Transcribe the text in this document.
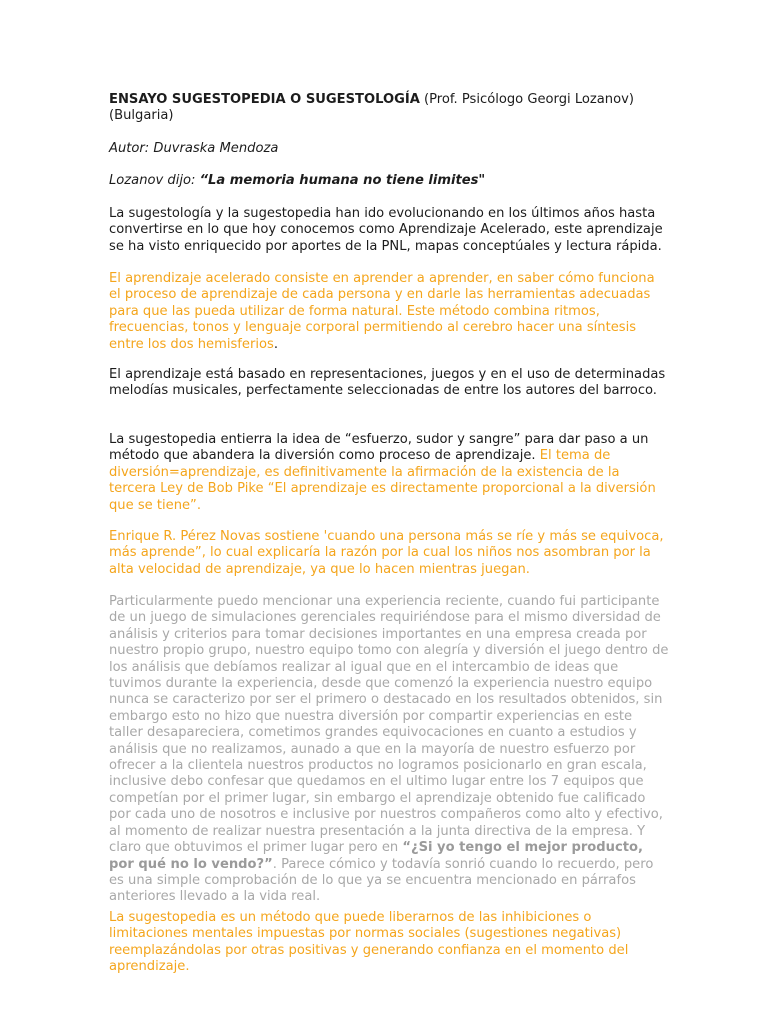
ENSAYO SUGESTOPEDIA O SUGESTOLOGÍA (Prof. Psicólogo Georgi Lozanov) (Bulgaria)

Autor: Duvraska Mendoza

Lozanov dijo: “La memoria humana no tiene limites"

La sugestología y la sugestopedia han ido evolucionando en los últimos años hasta convertirse en lo que hoy conocemos como Aprendizaje Acelerado, este aprendizaje se ha visto enriquecido por aportes de la PNL, mapas conceptúales y lectura rápida.

El aprendizaje acelerado consiste en aprender a aprender, en saber cómo funciona el proceso de aprendizaje de cada persona y en darle las herramientas adecuadas para que las pueda utilizar de forma natural. Este método combina ritmos, frecuencias, tonos y lenguaje corporal permitiendo al cerebro hacer una síntesis entre los dos hemisferios.

El aprendizaje está basado en representaciones, juegos y en el uso de determinadas melodías musicales, perfectamente seleccionadas de entre los autores del barroco.

La sugestopedia entierra la idea de “esfuerzo, sudor y sangre” para dar paso a un método que abandera la diversión como proceso de aprendizaje. El tema de diversión=aprendizaje, es definitivamente la afirmación de la existencia de la tercera Ley de Bob Pike “El aprendizaje es directamente proporcional a la diversión que se tiene”.

Enrique R. Pérez Novas sostiene 'cuando una persona más se ríe y más se equivoca, más aprende”, lo cual explicaría la razón por la cual los niños nos asombran por la alta velocidad de aprendizaje, ya que lo hacen mientras juegan.

Particularmente puedo mencionar una experiencia reciente, cuando fui participante de un juego de simulaciones gerenciales requiriéndose para el mismo diversidad de análisis y criterios para tomar decisiones importantes en una empresa creada por nuestro propio grupo, nuestro equipo tomo con alegría y diversión el juego dentro de los análisis que debíamos realizar al igual que en el intercambio de ideas que tuvimos durante la experiencia, desde que comenzó la experiencia nuestro equipo nunca se caracterizo por ser el primero o destacado en los resultados obtenidos, sin embargo esto no hizo que nuestra diversión por compartir experiencias en este taller desapareciera, cometimos grandes equivocaciones en cuanto a estudios y análisis que no realizamos, aunado a que en la mayoría de nuestro esfuerzo por ofrecer a la clientela nuestros productos no logramos posicionarlo en gran escala, inclusive debo confesar que quedamos en el ultimo lugar entre los 7 equipos que competían por el primer lugar, sin embargo el aprendizaje obtenido fue calificado por cada uno de nosotros e inclusive por nuestros compañeros como alto y efectivo, al momento de realizar nuestra presentación a la junta directiva de la empresa. Y claro que obtuvimos el primer lugar pero en “¿Si yo tengo el mejor producto, por qué no lo vendo?”. Parece cómico y todavía sonrió cuando lo recuerdo, pero es una simple comprobación de lo que ya se encuentra mencionado en párrafos anteriores llevado a la vida real.

La sugestopedia es un método que puede liberarnos de las inhibiciones o limitaciones mentales impuestas por normas sociales (sugestiones negativas) reemplazándolas por otras positivas y generando confianza en el momento del aprendizaje.
